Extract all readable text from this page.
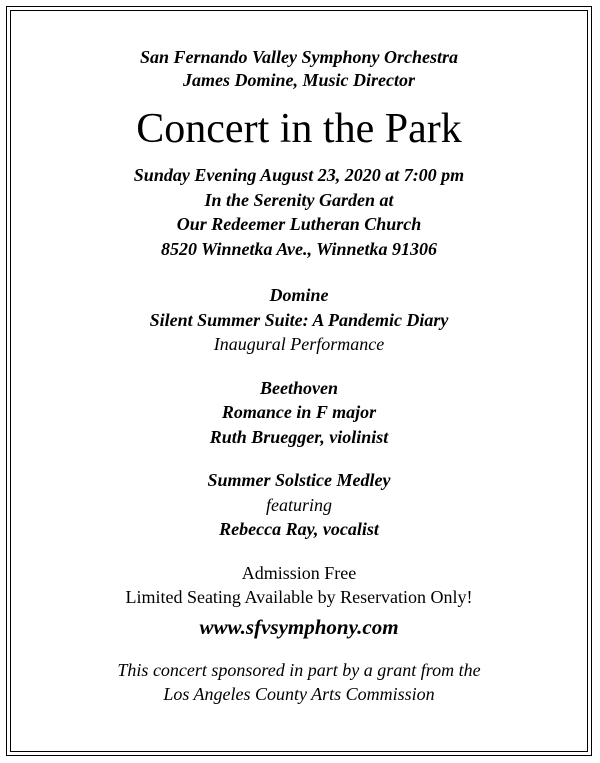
San Fernando Valley Symphony Orchestra
James Domine, Music Director
Concert in the Park
Sunday Evening August 23, 2020 at 7:00 pm
In the Serenity Garden at
Our Redeemer Lutheran Church
8520 Winnetka Ave., Winnetka 91306
Domine
Silent Summer Suite: A Pandemic Diary
Inaugural Performance
Beethoven
Romance in F major
Ruth Bruegger, violinist
Summer Solstice Medley
featuring
Rebecca Ray, vocalist
Admission Free
Limited Seating Available by Reservation Only!
www.sfvsymphony.com
This concert sponsored in part by a grant from the
Los Angeles County Arts Commission
